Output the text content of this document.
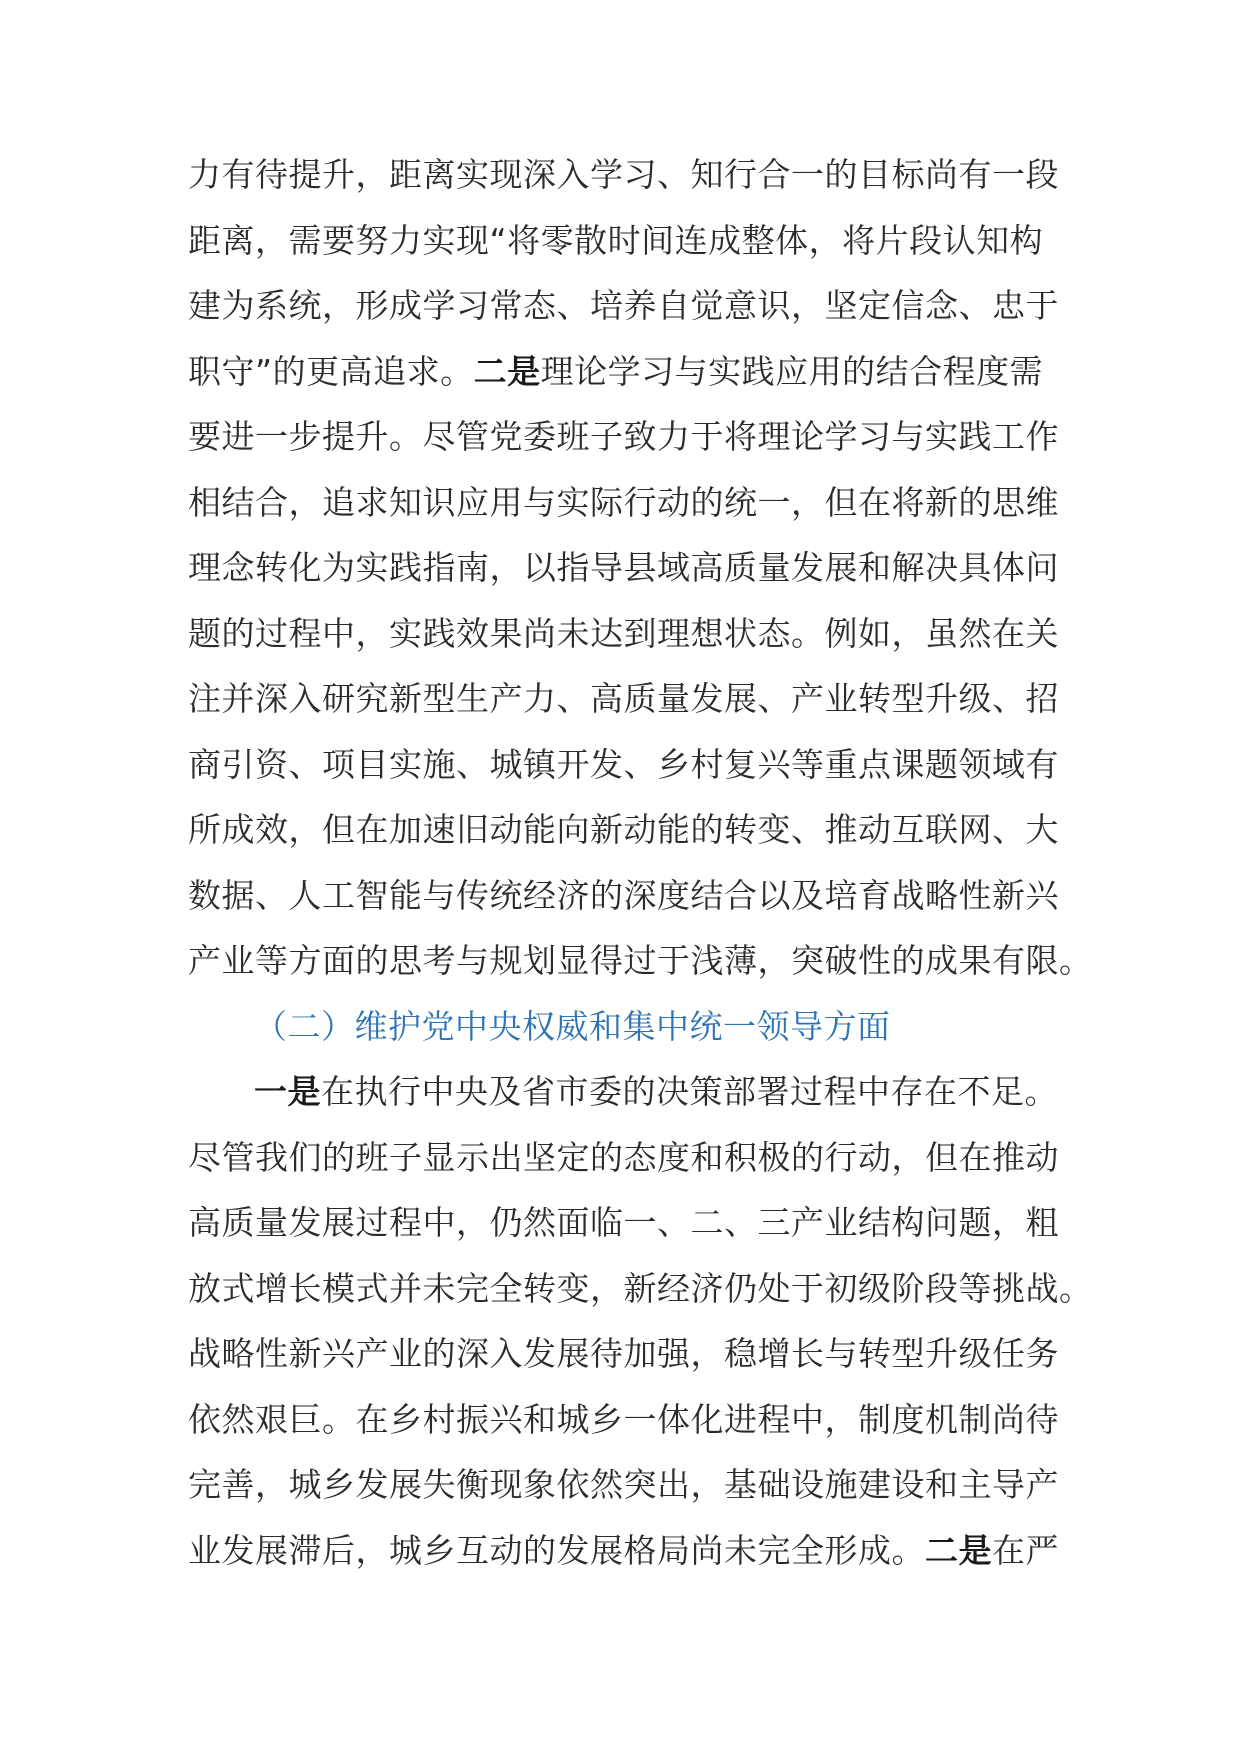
力有待提升，距离实现深入学习、知行合一的目标尚有一段
距离，需要努力实现“将零散时间连成整体，将片段认知构
建为系统，形成学习常态、培养自觉意识，坚定信念、忠于
职守”的更高追求。二是理论学习与实践应用的结合程度需
要进一步提升。尽管党委班子致力于将理论学习与实践工作
相结合，追求知识应用与实际行动的统一，但在将新的思维
理念转化为实践指南，以指导县域高质量发展和解决具体问
题的过程中，实践效果尚未达到理想状态。例如，虽然在关
注并深入研究新型生产力、高质量发展、产业转型升级、招
商引资、项目实施、城镇开发、乡村复兴等重点课题领域有
所成效，但在加速旧动能向新动能的转变、推动互联网、大
数据、人工智能与传统经济的深度结合以及培育战略性新兴
产业等方面的思考与规划显得过于浅薄，突破性的成果有限。
（二）维护党中央权威和集中统一领导方面
一是在执行中央及省市委的决策部署过程中存在不足。
尽管我们的班子显示出坚定的态度和积极的行动，但在推动
高质量发展过程中，仍然面临一、二、三产业结构问题，粗
放式增长模式并未完全转变，新经济仍处于初级阶段等挑战。
战略性新兴产业的深入发展待加强，稳增长与转型升级任务
依然艰巨。在乡村振兴和城乡一体化进程中，制度机制尚待
完善，城乡发展失衡现象依然突出，基础设施建设和主导产
业发展滞后，城乡互动的发展格局尚未完全形成。二是在严
